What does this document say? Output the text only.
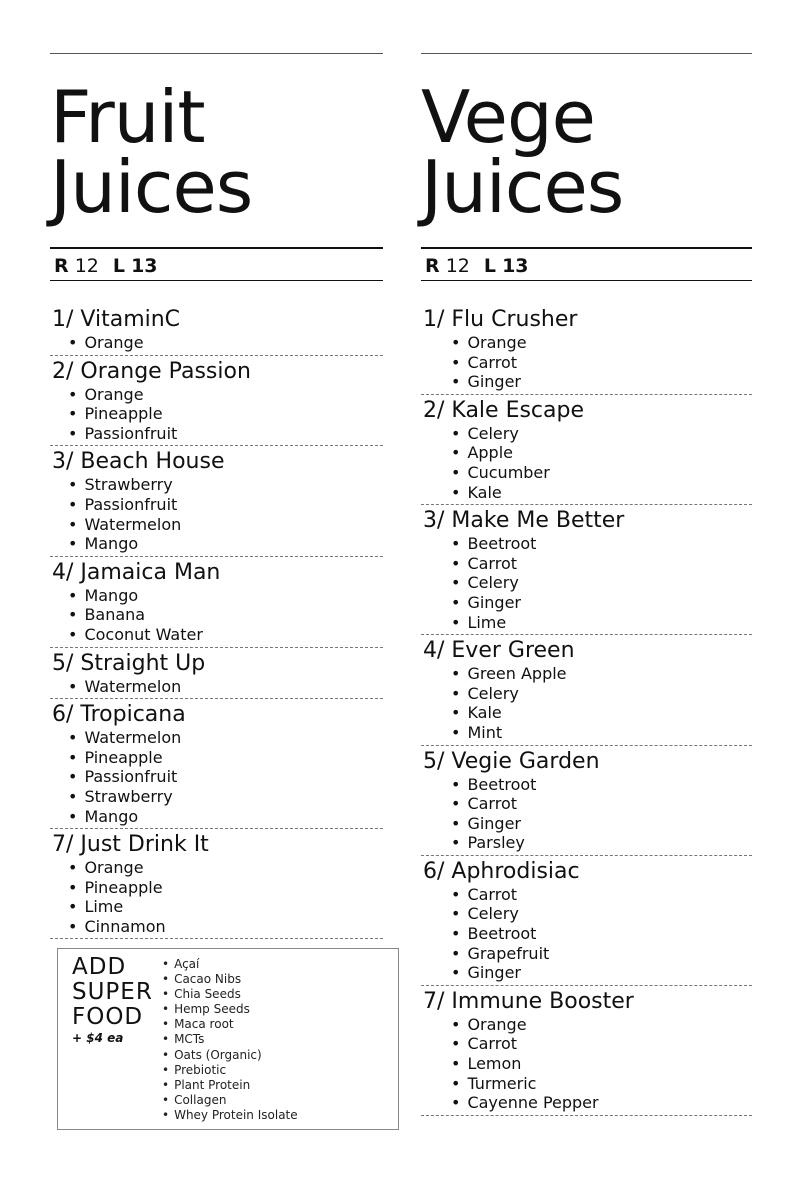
Fruit
Juices
R 12 L 13
1/ VitaminC
• Orange
2/ Orange Passion
• Orange
• Pineapple
• Passionfruit
3/ Beach House
• Strawberry
• Passionfruit
• Watermelon
• Mango
4/ Jamaica Man
• Mango
• Banana
• Coconut Water
5/ Straight Up
• Watermelon
6/ Tropicana
• Watermelon
• Pineapple
• Passionfruit
• Strawberry
• Mango
7/ Just Drink It
• Orange
• Pineapple
• Lime
• Cinnamon
Vege
Juices
R 12 L 13
1/ Flu Crusher
• Orange
• Carrot
• Ginger
2/ Kale Escape
• Celery
• Apple
• Cucumber
• Kale
3/ Make Me Better
• Beetroot
• Carrot
• Celery
• Ginger
• Lime
4/ Ever Green
• Green Apple
• Celery
• Kale
• Mint
5/ Vegie Garden
• Beetroot
• Carrot
• Ginger
• Parsley
6/ Aphrodisiac
• Carrot
• Celery
• Beetroot
• Grapefruit
• Ginger
7/ Immune Booster
• Orange
• Carrot
• Lemon
• Turmeric
• Cayenne Pepper
ADD
SUPER
FOOD
+ $4 ea
• Açaí
• Cacao Nibs
• Chia Seeds
• Hemp Seeds
• Maca root
• MCTs
• Oats (Organic)
• Prebiotic
• Plant Protein
• Collagen
• Whey Protein Isolate
